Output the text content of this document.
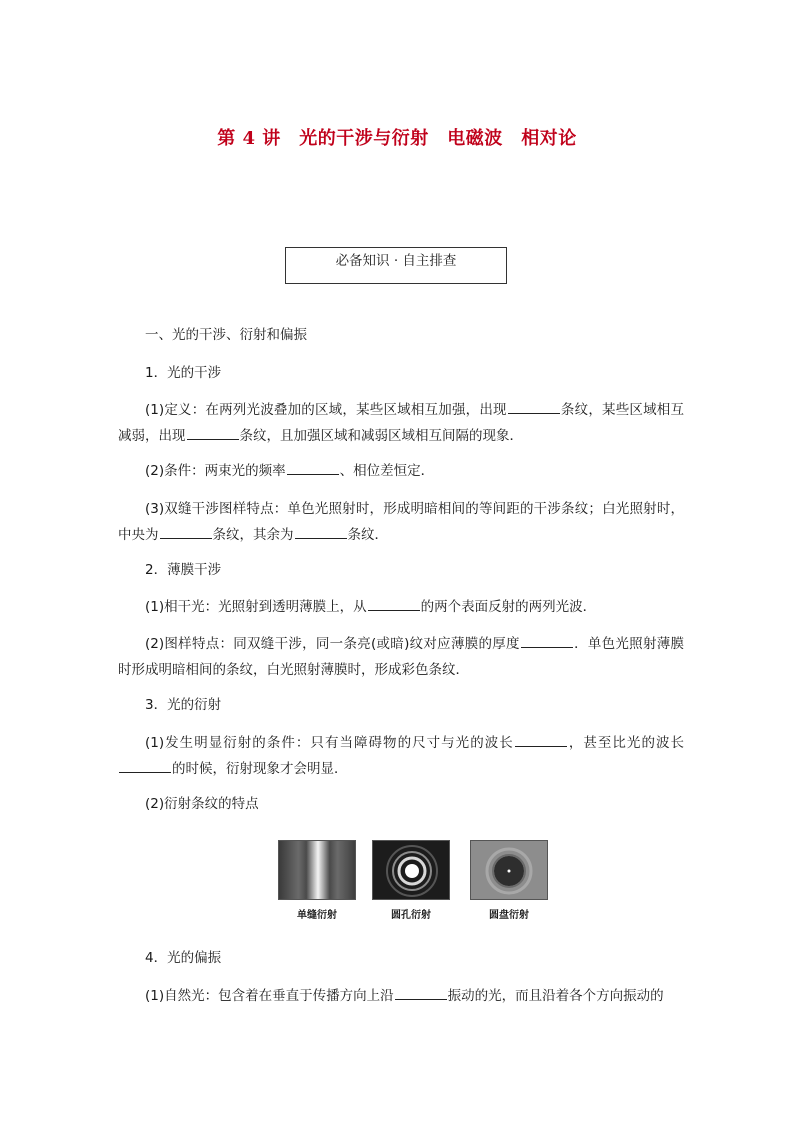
第 4 讲　光的干涉与衍射　电磁波　相对论
必备知识 · 自主排查

一、光的干涉、衍射和偏振

1．光的干涉

(1)定义：在两列光波叠加的区域，某些区域相互加强，出现	条纹，某些区域相互减弱，出现	条纹，且加强区域和减弱区域相互间隔的现象．

(2)条件：两束光的频率	、相位差恒定．

(3)双缝干涉图样特点：单色光照射时，形成明暗相间的等间距的干涉条纹；白光照射时，中央为	条纹，其余为	条纹．

2．薄膜干涉

(1)相干光：光照射到透明薄膜上，从	的两个表面反射的两列光波．

(2)图样特点：同双缝干涉，同一条亮(或暗)纹对应薄膜的厚度	．单色光照射薄膜时形成明暗相间的条纹，白光照射薄膜时，形成彩色条纹．

3．光的衍射

(1)发生明显衍射的条件：只有当障碍物的尺寸与光的波长	，甚至比光的波长的时候，衍射现象才会明显．

(2)衍射条纹的特点

单缝衍射	圆孔衍射	圆盘衍射

4．光的偏振

(1)自然光：包含着在垂直于传播方向上沿	振动的光，而且沿着各个方向振动的
